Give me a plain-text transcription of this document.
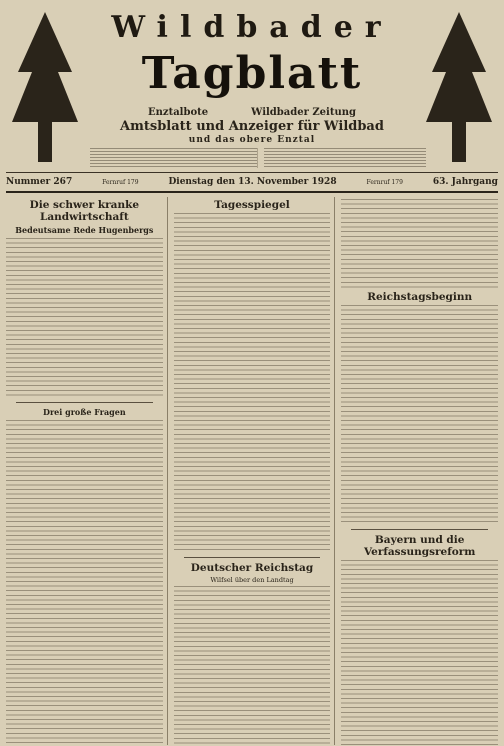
Wildbader
Tagblatt
Enztalbote	Wildbader Zeitung
Amtsblatt und Anzeiger für Wildbad
und das obere Enztal
Nummer 267	Fernruf 179	Dienstag den 13. November 1928	Fernruf 179	63. Jahrgang
Die schwer kranke Landwirtschaft
Bedeutsame Rede Hugenbergs
Drei große Fragen
Tagesspiegel
Deutscher Reichstag
Wilfsel über den Landtag
Reichstagsbeginn
Bayern und die Verfassungsreform
